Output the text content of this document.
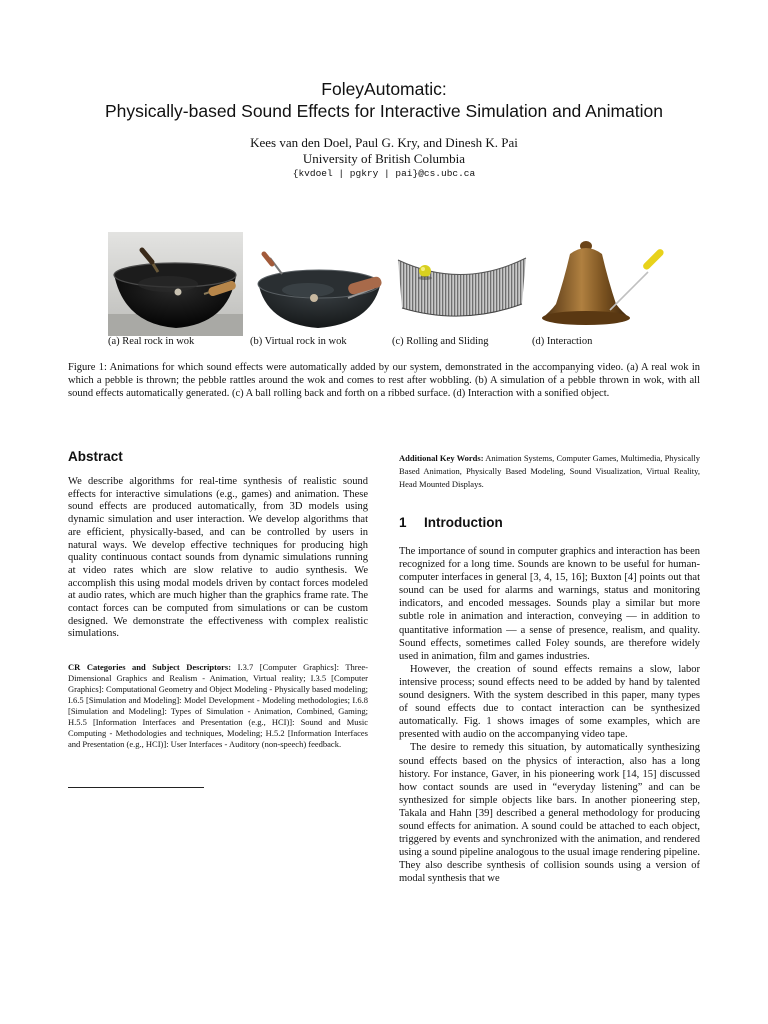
FoleyAutomatic:
Physically-based Sound Effects for Interactive Simulation and Animation
Kees van den Doel, Paul G. Kry, and Dinesh K. Pai
University of British Columbia
{kvdoel | pgkry | pai}@cs.ubc.ca
(a) Real rock in wok	(b) Virtual rock in wok	(c) Rolling and Sliding	(d) Interaction
Figure 1: Animations for which sound effects were automatically added by our system, demonstrated in the accompanying video. (a) A real wok in which a pebble is thrown; the pebble rattles around the wok and comes to rest after wobbling. (b) A simulation of a pebble thrown in wok, with all sound effects automatically generated. (c) A ball rolling back and forth on a ribbed surface. (d) Interaction with a sonified object.
Abstract

We describe algorithms for real-time synthesis of realistic sound effects for interactive simulations (e.g., games) and animation. These sound effects are produced automatically, from 3D models using dynamic simulation and user interaction. We develop algorithms that are efficient, physically-based, and can be controlled by users in natural ways. We develop effective techniques for producing high quality continuous contact sounds from dynamic simulations running at video rates which are slow relative to audio synthesis. We accomplish this using modal models driven by contact forces modeled at audio rates, which are much higher than the graphics frame rate. The contact forces can be computed from simulations or can be custom designed. We demonstrate the effectiveness with complex realistic simulations.

CR Categories and Subject Descriptors: I.3.7 [Computer Graphics]: Three-Dimensional Graphics and Realism - Animation, Virtual reality; I.3.5 [Computer Graphics]: Computational Geometry and Object Modeling - Physically based modeling; I.6.5 [Simulation and Modeling]: Model Development - Modeling methodologies; I.6.8 [Simulation and Modeling]: Types of Simulation - Animation, Combined, Gaming; H.5.5 [Information Interfaces and Presentation (e.g., HCI)]: Sound and Music Computing - Methodologies and techniques, Modeling; H.5.2 [Information Interfaces and Presentation (e.g., HCI)]: User Interfaces - Auditory (non-speech) feedback.

Additional Key Words: Animation Systems, Computer Games, Multimedia, Physically Based Animation, Physically Based Modeling, Sound Visualization, Virtual Reality, Head Mounted Displays.

1 Introduction

The importance of sound in computer graphics and interaction has been recognized for a long time. Sounds are known to be useful for human-computer interfaces in general [3, 4, 15, 16]; Buxton [4] points out that sound can be used for alarms and warnings, status and monitoring indicators, and encoded messages. Sounds play a similar but more subtle role in animation and interaction, conveying — in addition to quantitative information — a sense of presence, realism, and quality. Sound effects, sometimes called Foley sounds, are therefore widely used in animation, film and games industries.

However, the creation of sound effects remains a slow, labor intensive process; sound effects need to be added by hand by talented sound designers. With the system described in this paper, many types of sound effects due to contact interaction can be synthesized automatically. Fig. 1 shows images of some examples, which are presented with audio on the accompanying video tape.

The desire to remedy this situation, by automatically synthesizing sound effects based on the physics of interaction, also has a long history. For instance, Gaver, in his pioneering work [14, 15] discussed how contact sounds are used in “everyday listening” and can be synthesized for simple objects like bars. In another pioneering step, Takala and Hahn [39] described a general methodology for producing sound effects for animation. A sound could be attached to each object, triggered by events and synchronized with the animation, and rendered using a sound pipeline analogous to the usual image rendering pipeline. They also describe synthesis of collision sounds using a version of modal synthesis that we
